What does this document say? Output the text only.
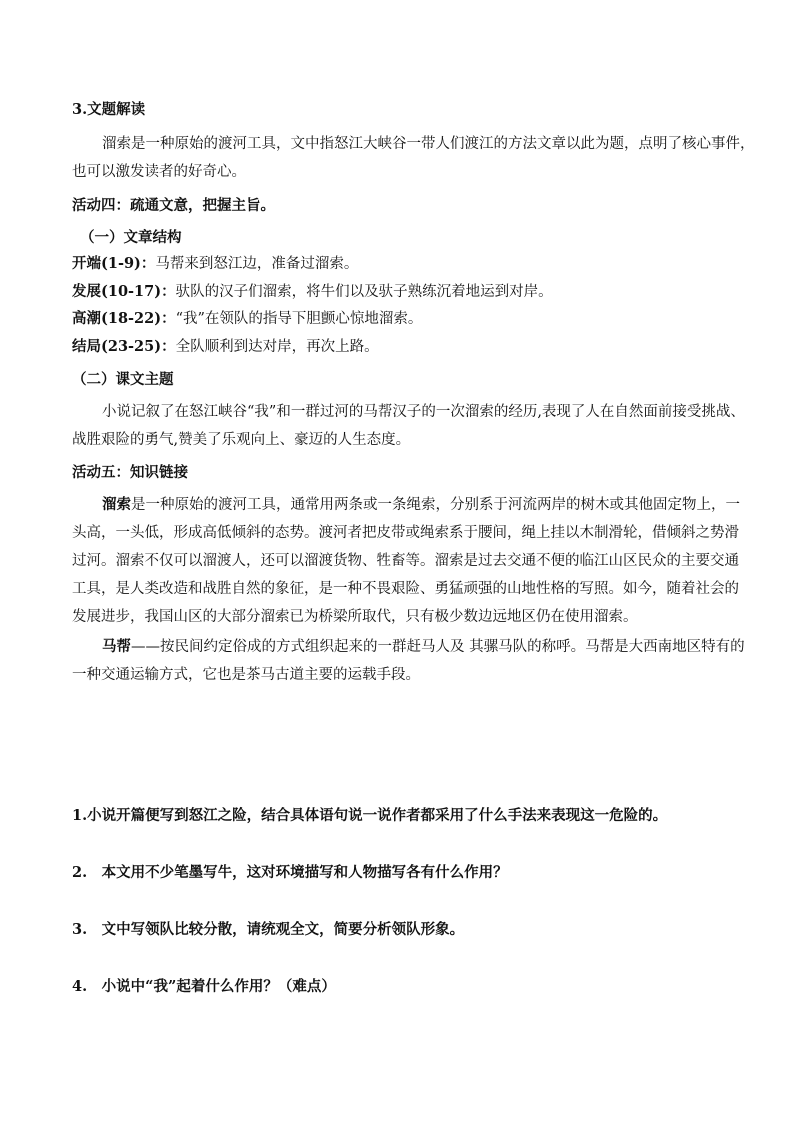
3.文题解读
溜索是一种原始的渡河工具，文中指怒江大峡谷一带人们渡江的方法文章以此为题，点明了核心事件，
也可以激发读者的好奇心。
活动四：疏通文意，把握主旨。
（一）文章结构
开端(1-9)：马帮来到怒江边，准备过溜索。
发展(10-17)：驮队的汉子们溜索，将牛们以及驮子熟练沉着地运到对岸。
高潮(18-22)：“我”在领队的指导下胆颤心惊地溜索。
结局(23-25)：全队顺利到达对岸，再次上路。
（二）课文主题
小说记叙了在怒江峡谷“我”和一群过河的马帮汉子的一次溜索的经历,表现了人在自然面前接受挑战、
战胜艰险的勇气,赞美了乐观向上、豪迈的人生态度。
活动五：知识链接
溜索是一种原始的渡河工具，通常用两条或一条绳索，分别系于河流两岸的树木或其他固定物上，一
头高，一头低，形成高低倾斜的态势。渡河者把皮带或绳索系于腰间，绳上挂以木制滑轮，借倾斜之势滑
过河。溜索不仅可以溜渡人，还可以溜渡货物、牲畜等。溜索是过去交通不便的临江山区民众的主要交通
工具，是人类改造和战胜自然的象征，是一种不畏艰险、勇猛顽强的山地性格的写照。如今，随着社会的
发展进步，我国山区的大部分溜索已为桥梁所取代，只有极少数边远地区仍在使用溜索。
马帮——按民间约定俗成的方式组织起来的一群赶马人及 其骡马队的称呼。马帮是大西南地区特有的
一种交通运输方式，它也是茶马古道主要的运载手段。
1.小说开篇便写到怒江之险，结合具体语句说一说作者都采用了什么手法来表现这一危险的。
2.　本文用不少笔墨写牛，这对环境描写和人物描写各有什么作用？
3.　文中写领队比较分散，请统观全文，简要分析领队形象。
4.　小说中“我”起着什么作用？（难点）
